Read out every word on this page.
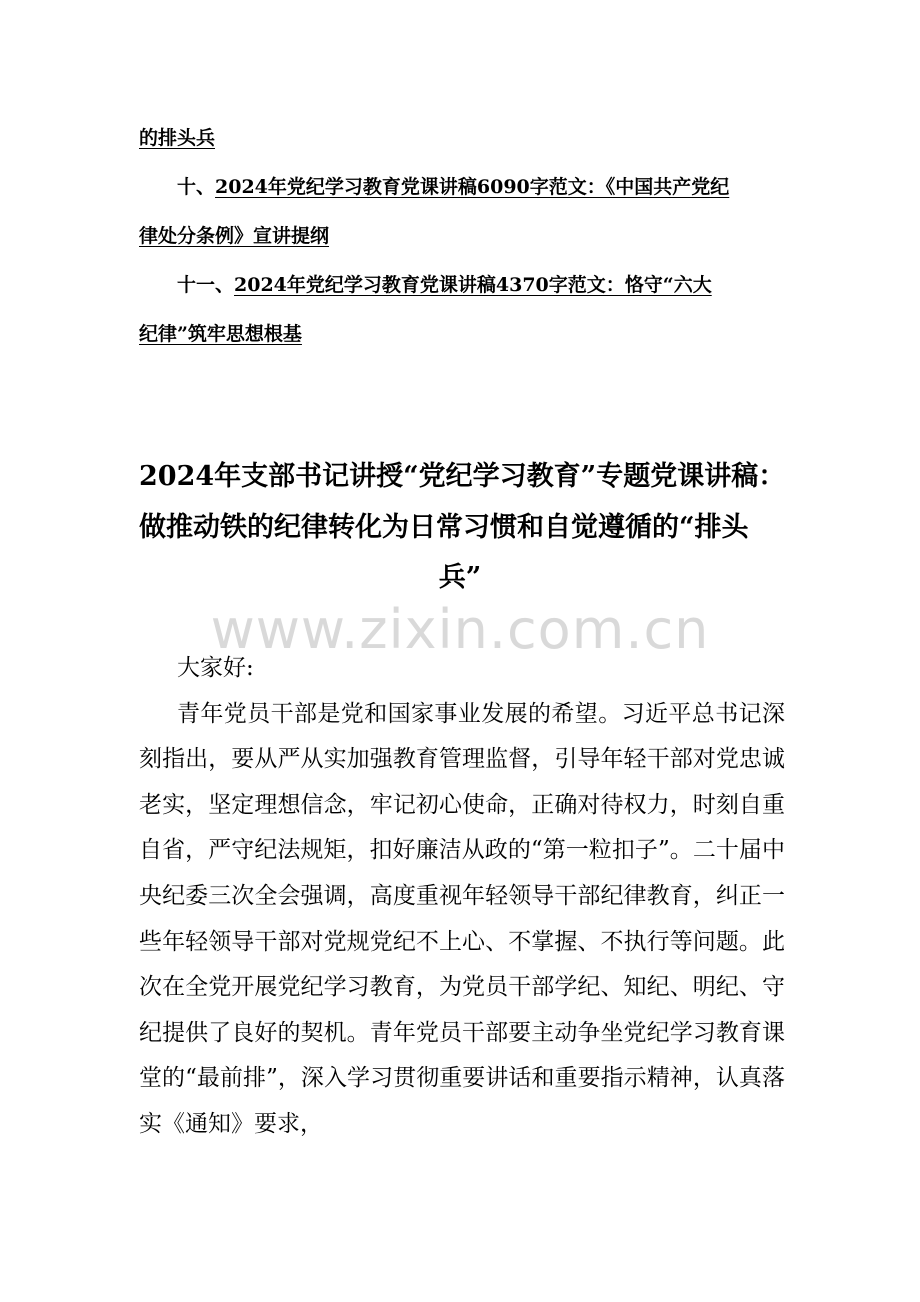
的排头兵
十、2024年党纪学习教育党课讲稿6090字范文：《中国共产党纪
律处分条例》宣讲提纲
十一、2024年党纪学习教育党课讲稿4370字范文：恪守“六大
纪律”筑牢思想根基
2024年支部书记讲授“党纪学习教育”专题党课讲稿：
做推动铁的纪律转化为日常习惯和自觉遵循的“排头
兵”
www.zixin.com.cn
大家好:
青年党员干部是党和国家事业发展的希望。习近平总书记深刻指出，要从严从实加强教育管理监督，引导年轻干部对党忠诚老实，坚定理想信念，牢记初心使命，正确对待权力，时刻自重自省，严守纪法规矩，扣好廉洁从政的“第一粒扣子”。二十届中央纪委三次全会强调，高度重视年轻领导干部纪律教育，纠正一些年轻领导干部对党规党纪不上心、不掌握、不执行等问题。此次在全党开展党纪学习教育，为党员干部学纪、知纪、明纪、守纪提供了良好的契机。青年党员干部要主动争坐党纪学习教育课堂的“最前排”，深入学习贯彻重要讲话和重要指示精神，认真落实《通知》要求，
